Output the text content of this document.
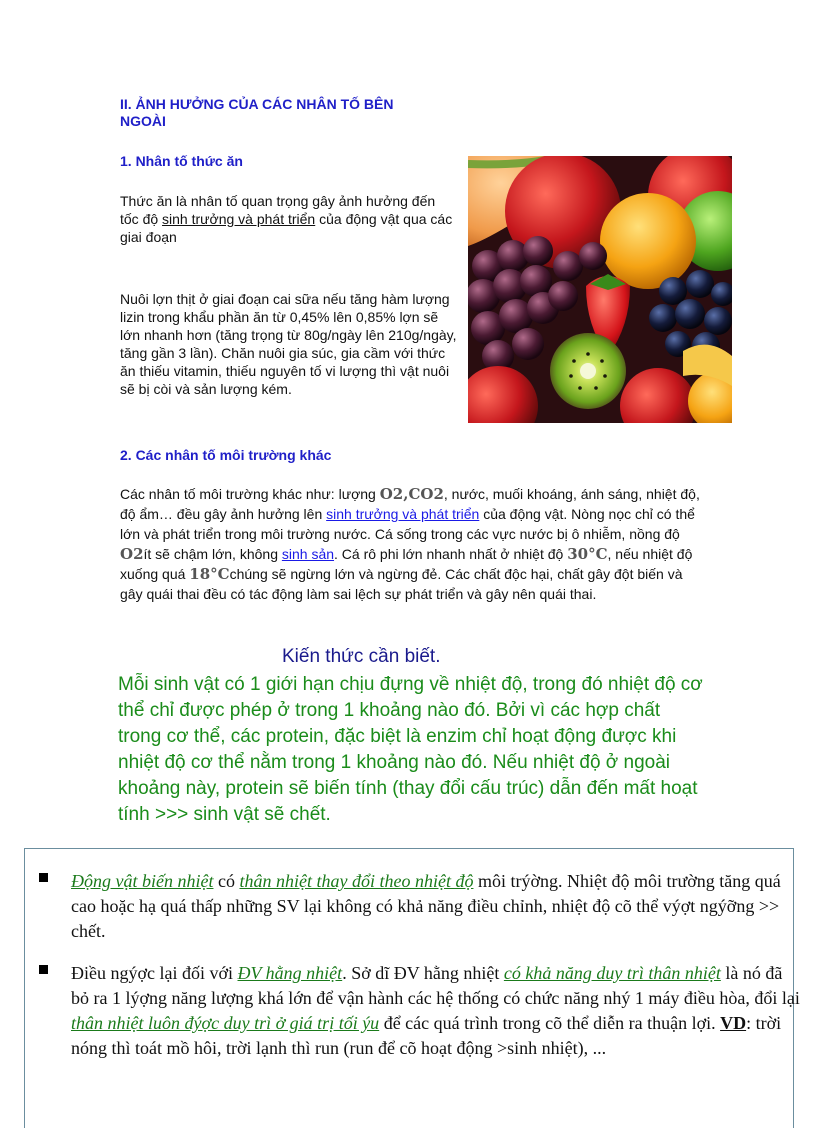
II. ẢNH HƯỞNG CỦA CÁC NHÂN TỐ BÊN
NGOÀI
1. Nhân tố thức ăn
Thức ăn là nhân tố quan trọng gây ảnh hưởng đến tốc độ sinh trưởng và phát triển của động vật qua các giai đoạn
Nuôi lợn thịt ở giai đoạn cai sữa nếu tăng hàm lượng lizin trong khẩu phần ăn từ 0,45% lên 0,85% lợn sẽ lớn nhanh hơn (tăng trọng từ 80g/ngày lên 210g/ngày, tăng gần 3 lần). Chăn nuôi gia súc, gia cầm với thức ăn thiếu vitamin, thiếu nguyên tố vi lượng thì vật nuôi sẽ bị còi và sản lượng kém.
2. Các nhân tố môi trường khác
Các nhân tố môi trường khác như: lượng O2,CO2, nước, muối khoáng, ánh sáng, nhiệt độ, độ ẩm… đều gây ảnh hưởng lên sinh trưởng và phát triển của động vật. Nòng nọc chỉ có thể lớn và phát triển trong môi trường nước. Cá sống trong các vực nước bị ô nhiễm, nồng độ O2ít sẽ chậm lớn, không sinh sản. Cá rô phi lớn nhanh nhất ở nhiệt độ 30°C, nếu nhiệt độ xuống quá 18°Cchúng sẽ ngừng lớn và ngừng đẻ. Các chất độc hại, chất gây đột biến và gây quái thai đều có tác động làm sai lệch sự phát triển và gây nên quái thai.
Kiến thức cần biết.
Mỗi sinh vật có 1 giới hạn chịu đựng về nhiệt độ, trong đó nhiệt độ cơ thể chỉ được phép ở trong 1 khoảng nào đó. Bởi vì các hợp chất trong cơ thể, các protein, đặc biệt là enzim chỉ hoạt động được khi nhiệt độ cơ thể nằm trong 1 khoảng nào đó. Nếu nhiệt độ ở ngoài khoảng này, protein sẽ biến tính (thay đổi cấu trúc) dẫn đến mất hoạt tính >>> sinh vật sẽ chết.
Động vật biến nhiệt có thân nhiệt thay đổi theo nhiệt độ môi trýờng. Nhiệt độ môi trường tăng quá cao hoặc hạ quá thấp những SV lại không có khả năng điều chỉnh, nhiệt độ cõ thể výợt ngýỡng >> chết.
Điều ngýợc lại đối với ĐV hằng nhiệt. Sở dĩ ĐV hằng nhiệt có khả năng duy trì thân nhiệt là nó đã bỏ ra 1 lýợng năng lượng khá lớn để vận hành các hệ thống có chức năng nhý 1 máy điều hòa, đổi lại thân nhiệt luôn đýợc duy trì ở giá trị tối ýu để các quá trình trong cõ thể diễn ra thuận lợi. VD: trời nóng thì toát mồ hôi, trời lạnh thì run (run để cõ hoạt động >sinh nhiệt), ...
